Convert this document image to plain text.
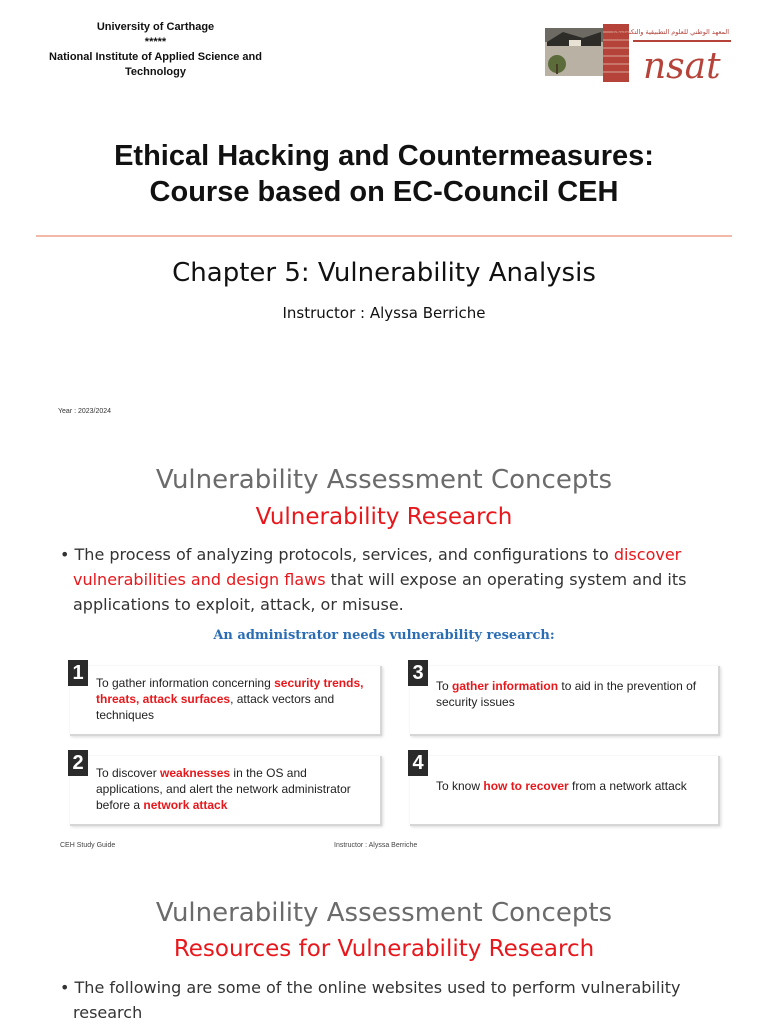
University of Carthage
*****
National Institute of Applied Science and Technology
المعهد الوطني للعلوم التطبيقية والتكنولوجيا
nsat
Ethical Hacking and Countermeasures:
Course based on EC-Council CEH
Chapter 5: Vulnerability Analysis
Instructor : Alyssa Berriche
Year : 2023/2024
Vulnerability Assessment Concepts
Vulnerability Research
• The process of analyzing protocols, services, and configurations to discover vulnerabilities and design flaws that will expose an operating system and its applications to exploit, attack, or misuse.
An administrator needs vulnerability research:
1	To gather information concerning security trends, threats, attack surfaces, attack vectors and techniques
3
To gather information to aid in the prevention of security issues
2	To discover weaknesses in the OS and applications, and alert the network administrator before a network attack
4
To know how to recover from a network attack
CEH Study Guide	Instructor : Alyssa Berriche
Vulnerability Assessment Concepts
Resources for Vulnerability Research
• The following are some of the online websites used to perform vulnerability research
